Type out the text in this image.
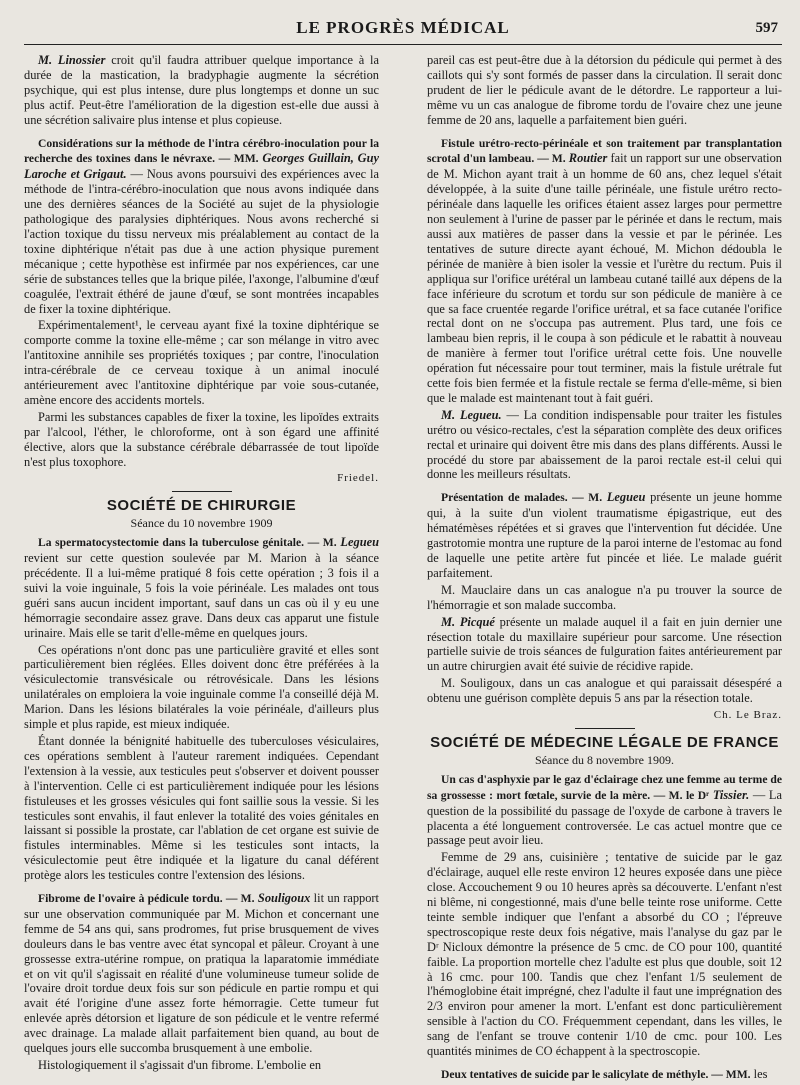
LE PROGRÈS MÉDICAL	597

M. Linossier croit qu'il faudra attribuer quelque importance à la durée de la mastication, la bradyphagie augmente la sécrétion psychique, qui est plus intense, dure plus longtemps et donne un suc plus actif. Peut-être l'amélioration de la digestion est-elle due aussi à une sécrétion salivaire plus intense et plus copieuse.

Considérations sur la méthode de l'intra cérébro-inoculation pour la recherche des toxines dans le névraxe. — MM. Georges Guillain, Guy Laroche et Grigaut. — Nous avons poursuivi des expériences avec la méthode de l'intra-cérébro-inoculation que nous avons indiquée dans une des dernières séances de la Société au sujet de la physiologie pathologique des paralysies diphtériques. Nous avons recherché si l'action toxique du tissu nerveux mis préalablement au contact de la toxine diphtérique n'était pas due à une action physique purement mécanique ; cette hypothèse est infirmée par nos expériences, car une série de substances telles que la brique pilée, l'axonge, l'albumine d'œuf coagulée, l'extrait éthéré de jaune d'œuf, se sont montrées incapables de fixer la toxine diphtérique.

Expérimentalement¹, le cerveau ayant fixé la toxine diphtérique se comporte comme la toxine elle-même ; car son mélange in vitro avec l'antitoxine annihile ses propriétés toxiques ; par contre, l'inoculation intra-cérébrale de ce cerveau toxique à un animal inoculé antérieurement avec l'antitoxine diphtérique par voie sous-cutanée, amène encore des accidents mortels.

Parmi les substances capables de fixer la toxine, les lipoïdes extraits par l'alcool, l'éther, le chloroforme, ont à son égard une affinité élective, alors que la substance cérébrale débarrassée de tout lipoïde n'est plus toxophore.

Friedel.
SOCIÉTÉ DE CHIRURGIE
Séance du 10 novembre 1909

La spermatocystectomie dans la tuberculose génitale. — M. Legueu revient sur cette question soulevée par M. Marion à la séance précédente. Il a lui-même pratiqué 8 fois cette opération ; 3 fois il a suivi la voie inguinale, 5 fois la voie périnéale. Les malades ont tous guéri sans aucun incident important, sauf dans un cas où il y eu une hémorragie secondaire assez grave. Dans deux cas apparut une fistule urinaire. Mais elle se tarit d'elle-même en quelques jours.

Ces opérations n'ont donc pas une particulière gravité et elles sont particulièrement bien réglées. Elles doivent donc être préférées à la vésiculectomie transvésicale ou rétrovésicale. Dans les lésions unilatérales on emploiera la voie inguinale comme l'a conseillé déjà M. Marion. Dans les lésions bilatérales la voie périnéale, d'ailleurs plus simple et plus rapide, est mieux indiquée.

Étant donnée la bénignité habituelle des tuberculoses vésiculaires, ces opérations semblent à l'auteur rarement indiquées. Cependant l'extension à la vessie, aux testicules peut s'observer et doivent pousser à l'intervention. Celle ci est particulièrement indiquée pour les lésions fistuleuses et les grosses vésicules qui font saillie sous la vessie. Si les testicules sont envahis, il faut enlever la totalité des voies génitales en laissant si possible la prostate, car l'ablation de cet organe est suivie de fistules interminables. Même si les testicules sont intacts, la vésiculectomie peut être indiquée et la ligature du canal déférent protège alors les testicules contre l'extension des lésions.

Fibrome de l'ovaire à pédicule tordu. — M. Souligoux lit un rapport sur une observation communiquée par M. Michon et concernant une femme de 54 ans qui, sans prodromes, fut prise brusquement de vives douleurs dans le bas ventre avec état syncopal et pâleur. Croyant à une grossesse extra-utérine rompue, on pratiqua la laparatomie immédiate et on vit qu'il s'agissait en réalité d'une volumineuse tumeur solide de l'ovaire droit tordue deux fois sur son pédicule en partie rompu et qui avait été l'origine d'une assez forte hémorragie. Cette tumeur fut enlevée après détorsion et ligature de son pédicule et le ventre refermé avec drainage. La malade allait parfaitement bien quand, au bout de quelques jours elle succomba brusquement à une embolie.

Histologiquement il s'agissait d'un fibrome. L'embolie en

pareil cas est peut-être due à la détorsion du pédicule qui permet à des caillots qui s'y sont formés de passer dans la circulation. Il serait donc prudent de lier le pédicule avant de le détordre. Le rapporteur a lui-même vu un cas analogue de fibrome tordu de l'ovaire chez une jeune femme de 20 ans, laquelle a parfaitement bien guéri.

Fistule urétro-recto-périnéale et son traitement par transplantation scrotal d'un lambeau. — M. Routier fait un rapport sur une observation de M. Michon ayant trait à un homme de 60 ans, chez lequel s'était développée, à la suite d'une taille périnéale, une fistule urétro recto-périnéale dans laquelle les orifices étaient assez larges pour permettre non seulement à l'urine de passer par le périnée et dans le rectum, mais aussi aux matières de passer dans la vessie et par le périnée. Les tentatives de suture directe ayant échoué, M. Michon dédoubla le périnée de manière à bien isoler la vessie et l'urètre du rectum. Puis il appliqua sur l'orifice urétéral un lambeau cutané taillé aux dépens de la face inférieure du scrotum et tordu sur son pédicule de manière à ce que sa face cruentée regarde l'orifice urétral, et sa face cutanée l'orifice rectal dont on ne s'occupa pas autrement. Plus tard, une fois ce lambeau bien repris, il le coupa à son pédicule et le rabattit à nouveau de manière à fermer tout l'orifice urétral cette fois. Une nouvelle opération fut nécessaire pour tout terminer, mais la fistule urétrale fut cette fois bien fermée et la fistule rectale se ferma d'elle-même, si bien que le malade est maintenant tout à fait guéri.

M. Legueu. — La condition indispensable pour traiter les fistules urétro ou vésico-rectales, c'est la séparation complète des deux orifices rectal et urinaire qui doivent être mis dans des plans différents. Aussi le procédé du store par abaissement de la paroi rectale est-il celui qui donne les meilleurs résultats.

Présentation de malades. — M. Legueu présente un jeune homme qui, à la suite d'un violent traumatisme épigastrique, eut des hématémèses répétées et si graves que l'intervention fut décidée. Une gastrotomie montra une rupture de la paroi interne de l'estomac au fond de laquelle une petite artère fut pincée et liée. Le malade guérit parfaitement.

M. Mauclaire dans un cas analogue n'a pu trouver la source de l'hémorragie et son malade succomba.

M. Picqué présente un malade auquel il a fait en juin dernier une résection totale du maxillaire supérieur pour sarcome. Une résection partielle suivie de trois séances de fulguration faites antérieurement par un autre chirurgien avait été suivie de récidive rapide.

M. Souligoux, dans un cas analogue et qui paraissait désespéré a obtenu une guérison complète depuis 5 ans par la résection totale.

Ch. Le Braz.
SOCIÉTÉ DE MÉDECINE LÉGALE DE FRANCE
Séance du 8 novembre 1909.

Un cas d'asphyxie par le gaz d'éclairage chez une femme au terme de sa grossesse : mort fœtale, survie de la mère. — M. le Dʳ Tissier. — La question de la possibilité du passage de l'oxyde de carbone à travers le placenta a été longuement controversée. Le cas actuel montre que ce passage peut avoir lieu.

Femme de 29 ans, cuisinière ; tentative de suicide par le gaz d'éclairage, auquel elle reste environ 12 heures exposée dans une pièce close. Accouchement 9 ou 10 heures après sa découverte. L'enfant n'est ni blême, ni congestionné, mais d'une belle teinte rose uniforme. Cette teinte semble indiquer que l'enfant a absorbé du CO ; l'épreuve spectroscopique reste deux fois négative, mais l'analyse du gaz par le Dʳ Nicloux démontre la présence de 5 cmc. de CO pour 100, quantité faible. La proportion mortelle chez l'adulte est plus que double, soit 12 à 16 cmc. pour 100. Tandis que chez l'enfant 1/5 seulement de l'hémoglobine était imprégné, chez l'adulte il faut une imprégnation des 2/3 environ pour amener la mort. L'enfant est donc particulièrement sensible à l'action du CO. Fréquemment cependant, dans les villes, le sang de l'enfant se trouve contenir 1/10 de cmc. pour 100. Les quantités minimes de CO échappent à la spectroscopie.

Deux tentatives de suicide par le salicylate de méthyle. — MM. les
